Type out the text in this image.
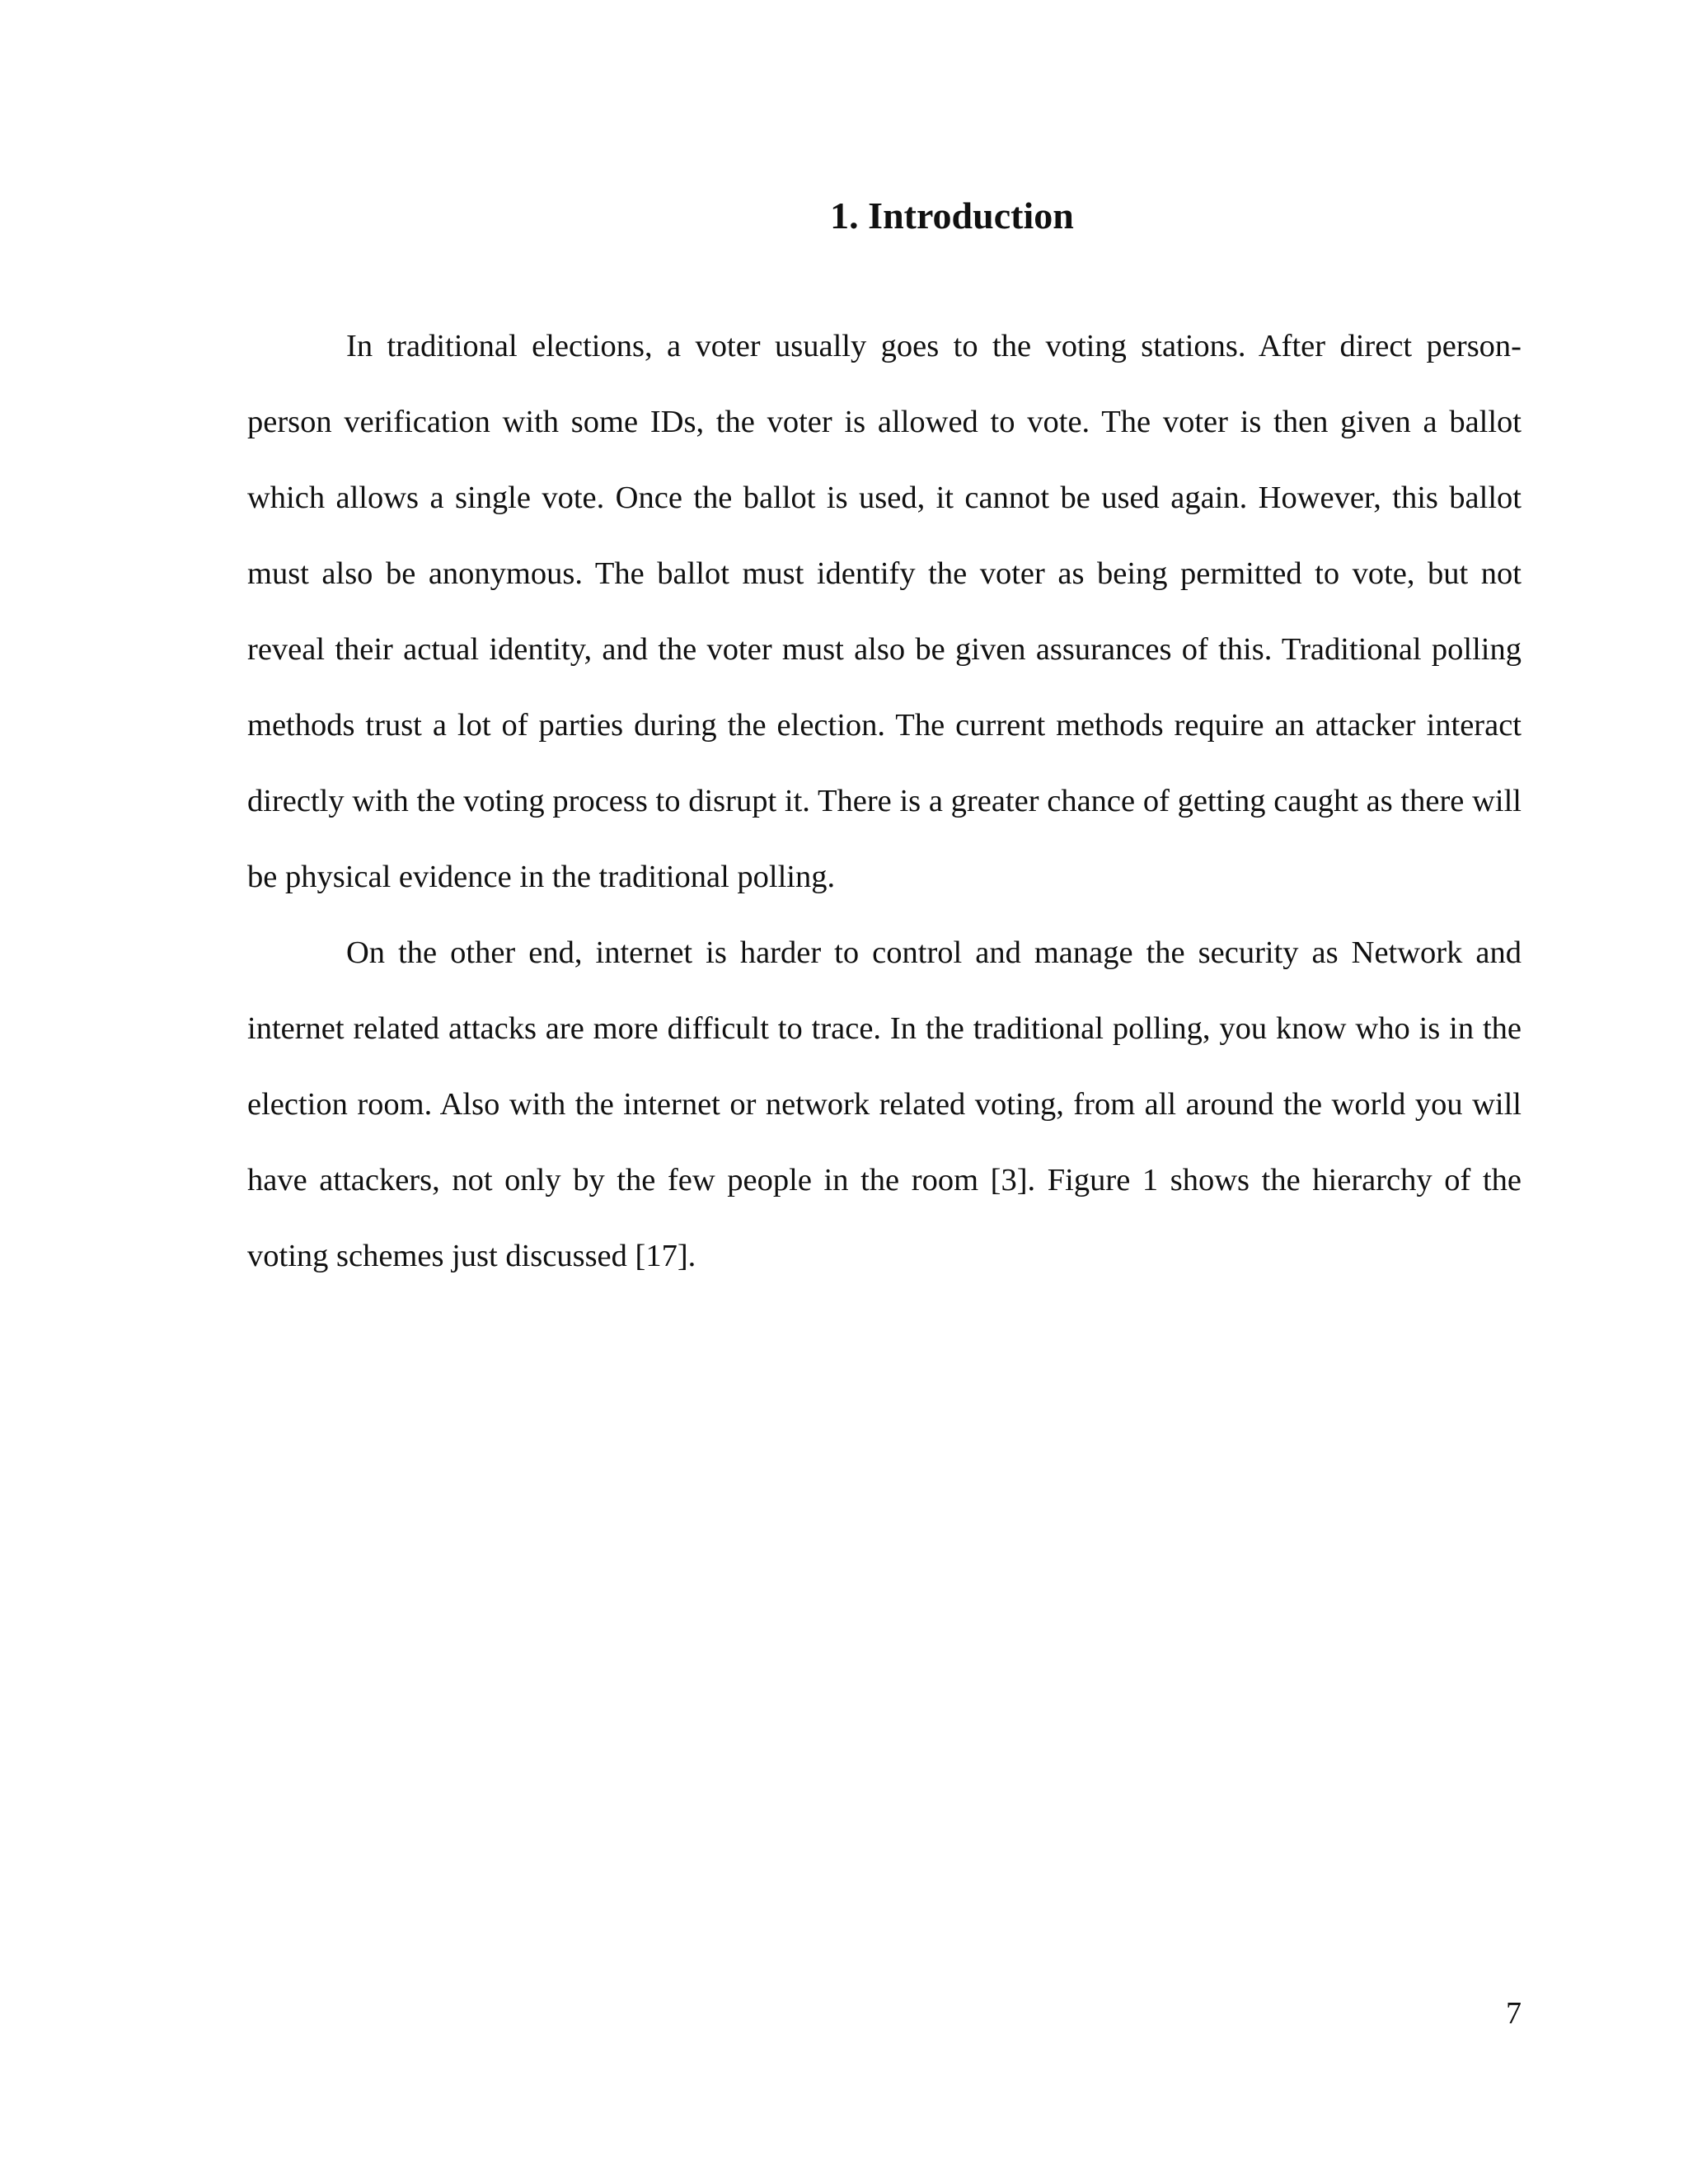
1. Introduction

In traditional elections, a voter usually goes to the voting stations. After direct person-person verification with some IDs, the voter is allowed to vote. The voter is then given a ballot which allows a single vote. Once the ballot is used, it cannot be used again. However, this ballot must also be anonymous. The ballot must identify the voter as being permitted to vote, but not reveal their actual identity, and the voter must also be given assurances of this. Traditional polling methods trust a lot of parties during the election. The current methods require an attacker interact directly with the voting process to disrupt it. There is a greater chance of getting caught as there will be physical evidence in the traditional polling.

On the other end, internet is harder to control and manage the security as Network and internet related attacks are more difficult to trace. In the traditional polling, you know who is in the election room. Also with the internet or network related voting, from all around the world you will have attackers, not only by the few people in the room [3]. Figure 1 shows the hierarchy of the voting schemes just discussed [17].

7
